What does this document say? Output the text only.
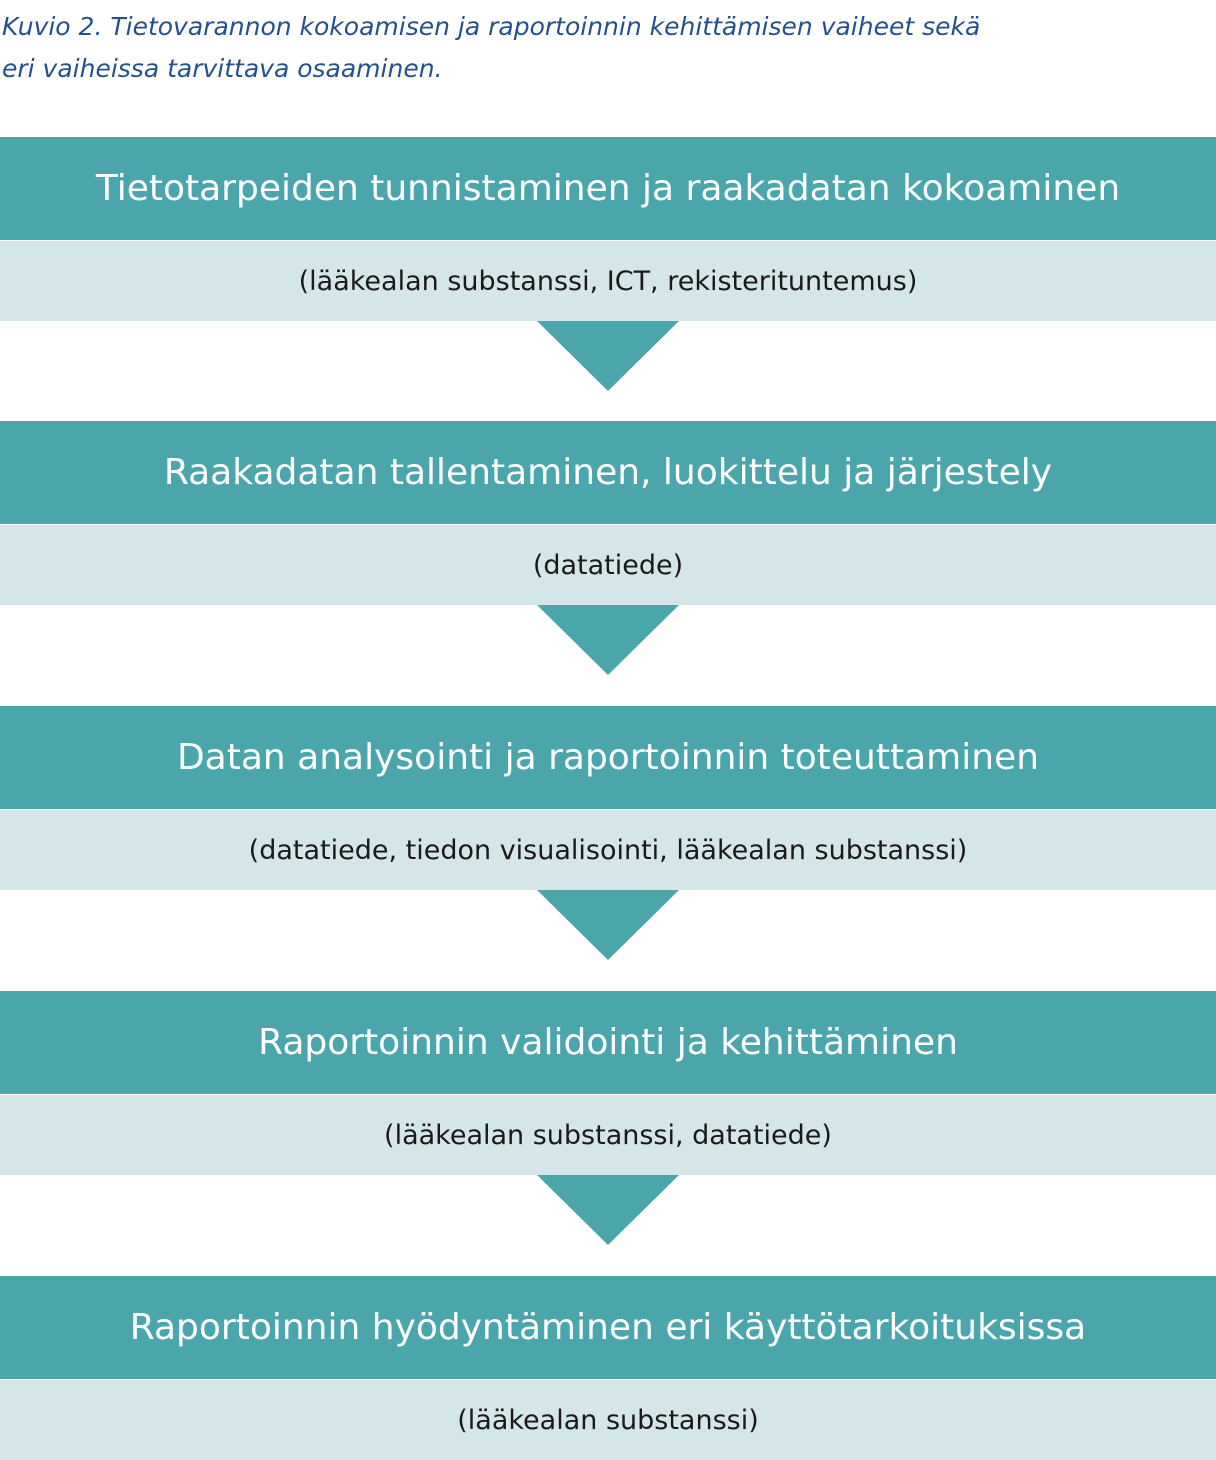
Kuvio 2. Tietovarannon kokoamisen ja raportoinnin kehittämisen vaiheet sekä
eri vaiheissa tarvittava osaaminen.

Tietotarpeiden tunnistaminen ja raakadatan kokoaminen
(lääkealan substanssi, ICT, rekisterituntemus)
Raakadatan tallentaminen, luokittelu ja järjestely
(datatiede)
Datan analysointi ja raportoinnin toteuttaminen
(datatiede, tiedon visualisointi, lääkealan substanssi)
Raportoinnin validointi ja kehittäminen
(lääkealan substanssi, datatiede)
Raportoinnin hyödyntäminen eri käyttötarkoituksissa
(lääkealan substanssi)
